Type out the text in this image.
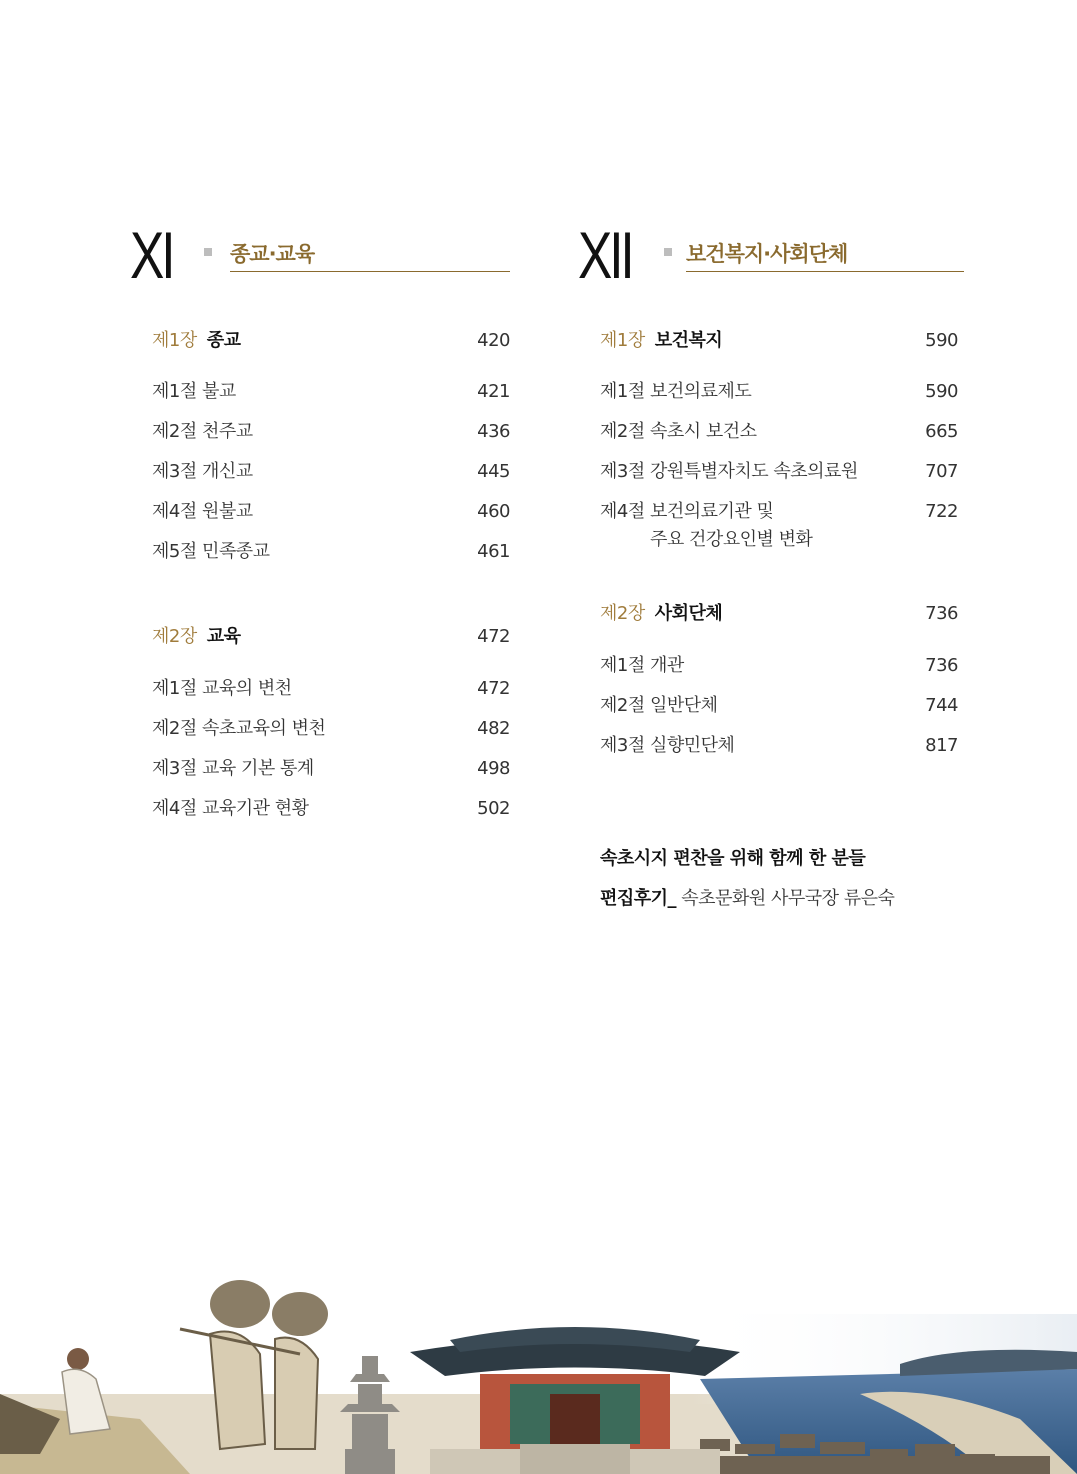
XI	종교·교육
제1장 종교	420
제1절 불교	421
제2절 천주교	436
제3절 개신교	445
제4절 원불교	460
제5절 민족종교	461
제2장 교육	472
제1절 교육의 변천	472
제2절 속초교육의 변천	482
제3절 교육 기본 통계	498
제4절 교육기관 현황	502
XII	보건복지·사회단체
제1장 보건복지	590
제1절 보건의료제도	590
제2절 속초시 보건소	665
제3절 강원특별자치도 속초의료원	707
제4절 보건의료기관 및	722
주요 건강요인별 변화
제2장 사회단체	736
제1절 개관	736
제2절 일반단체	744
제3절 실향민단체	817
속초시지 편찬을 위해 함께 한 분들
편집후기_ 속초문화원 사무국장 류은숙
